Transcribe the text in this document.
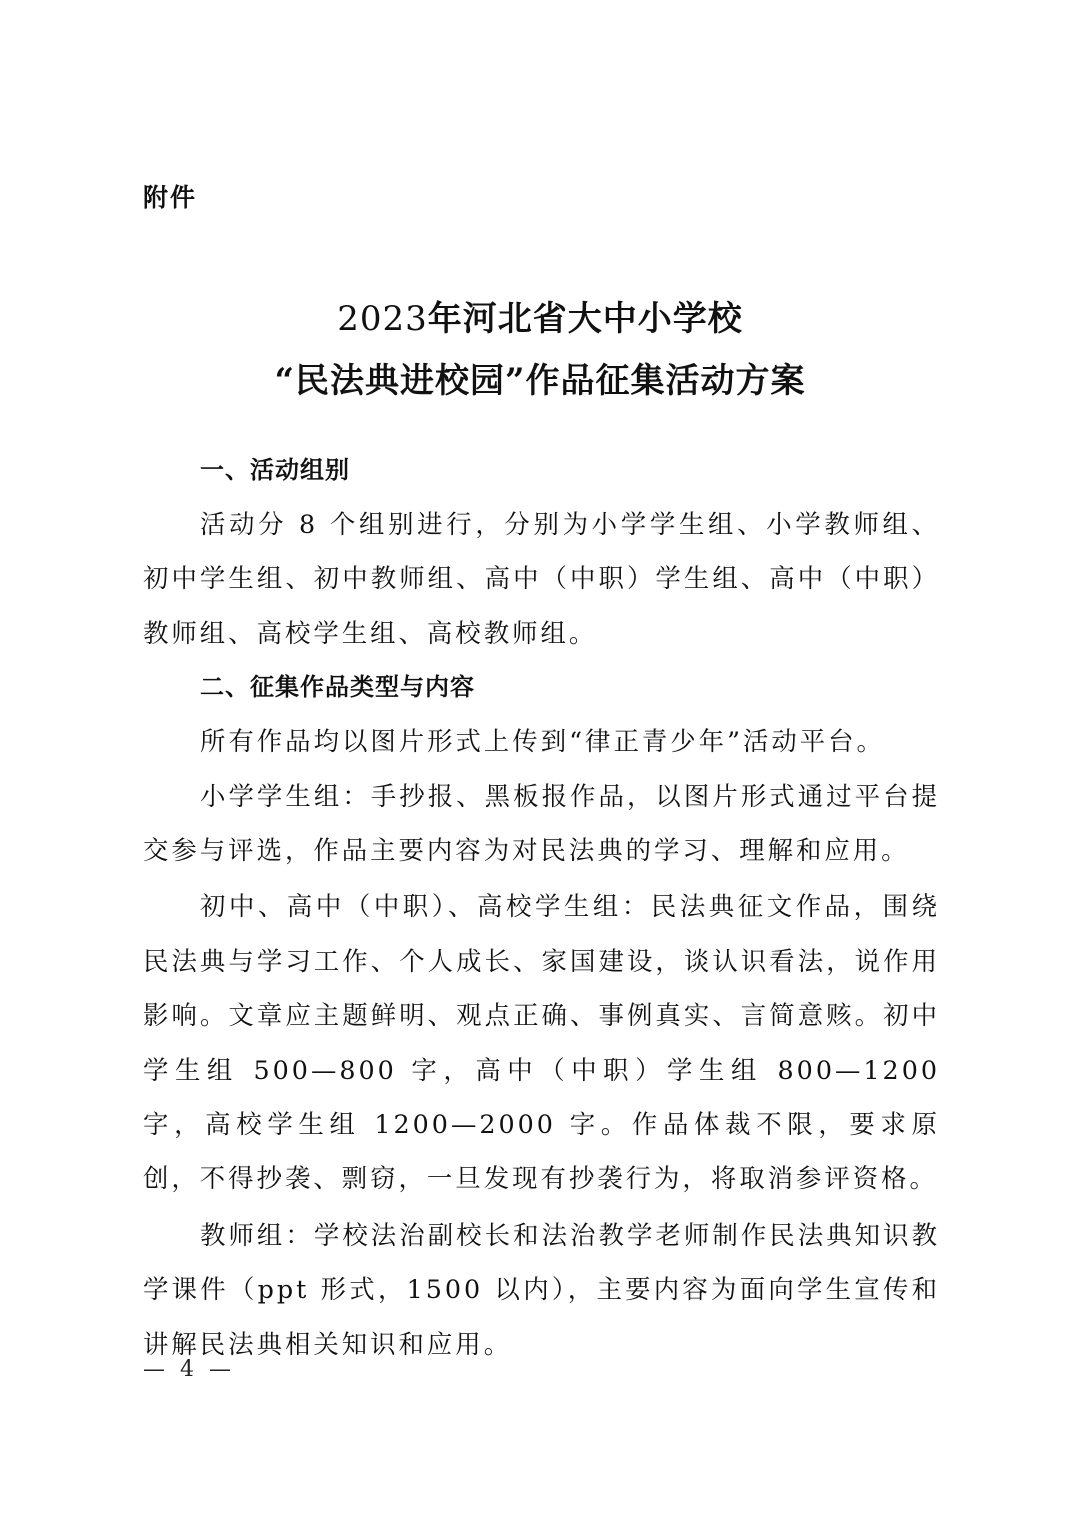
附件
2023年河北省大中小学校
“民法典进校园”作品征集活动方案
一、活动组别

活动分 8 个组别进行，分别为小学学生组、小学教师组、初中学生组、初中教师组、高中（中职）学生组、高中（中职）教师组、高校学生组、高校教师组。

二、征集作品类型与内容

所有作品均以图片形式上传到“律正青少年”活动平台。

小学学生组：手抄报、黑板报作品，以图片形式通过平台提交参与评选，作品主要内容为对民法典的学习、理解和应用。

初中、高中（中职）、高校学生组：民法典征文作品，围绕民法典与学习工作、个人成长、家国建设，谈认识看法，说作用影响。文章应主题鲜明、观点正确、事例真实、言简意赅。初中学生组 500—800 字，高中（中职）学生组 800—1200 字，高校学生组 1200—2000 字。作品体裁不限，要求原创，不得抄袭、剽窃，一旦发现有抄袭行为，将取消参评资格。

教师组：学校法治副校长和法治教学老师制作民法典知识教学课件（ppt 形式，1500 以内），主要内容为面向学生宣传和讲解民法典相关知识和应用。

— 4 —
